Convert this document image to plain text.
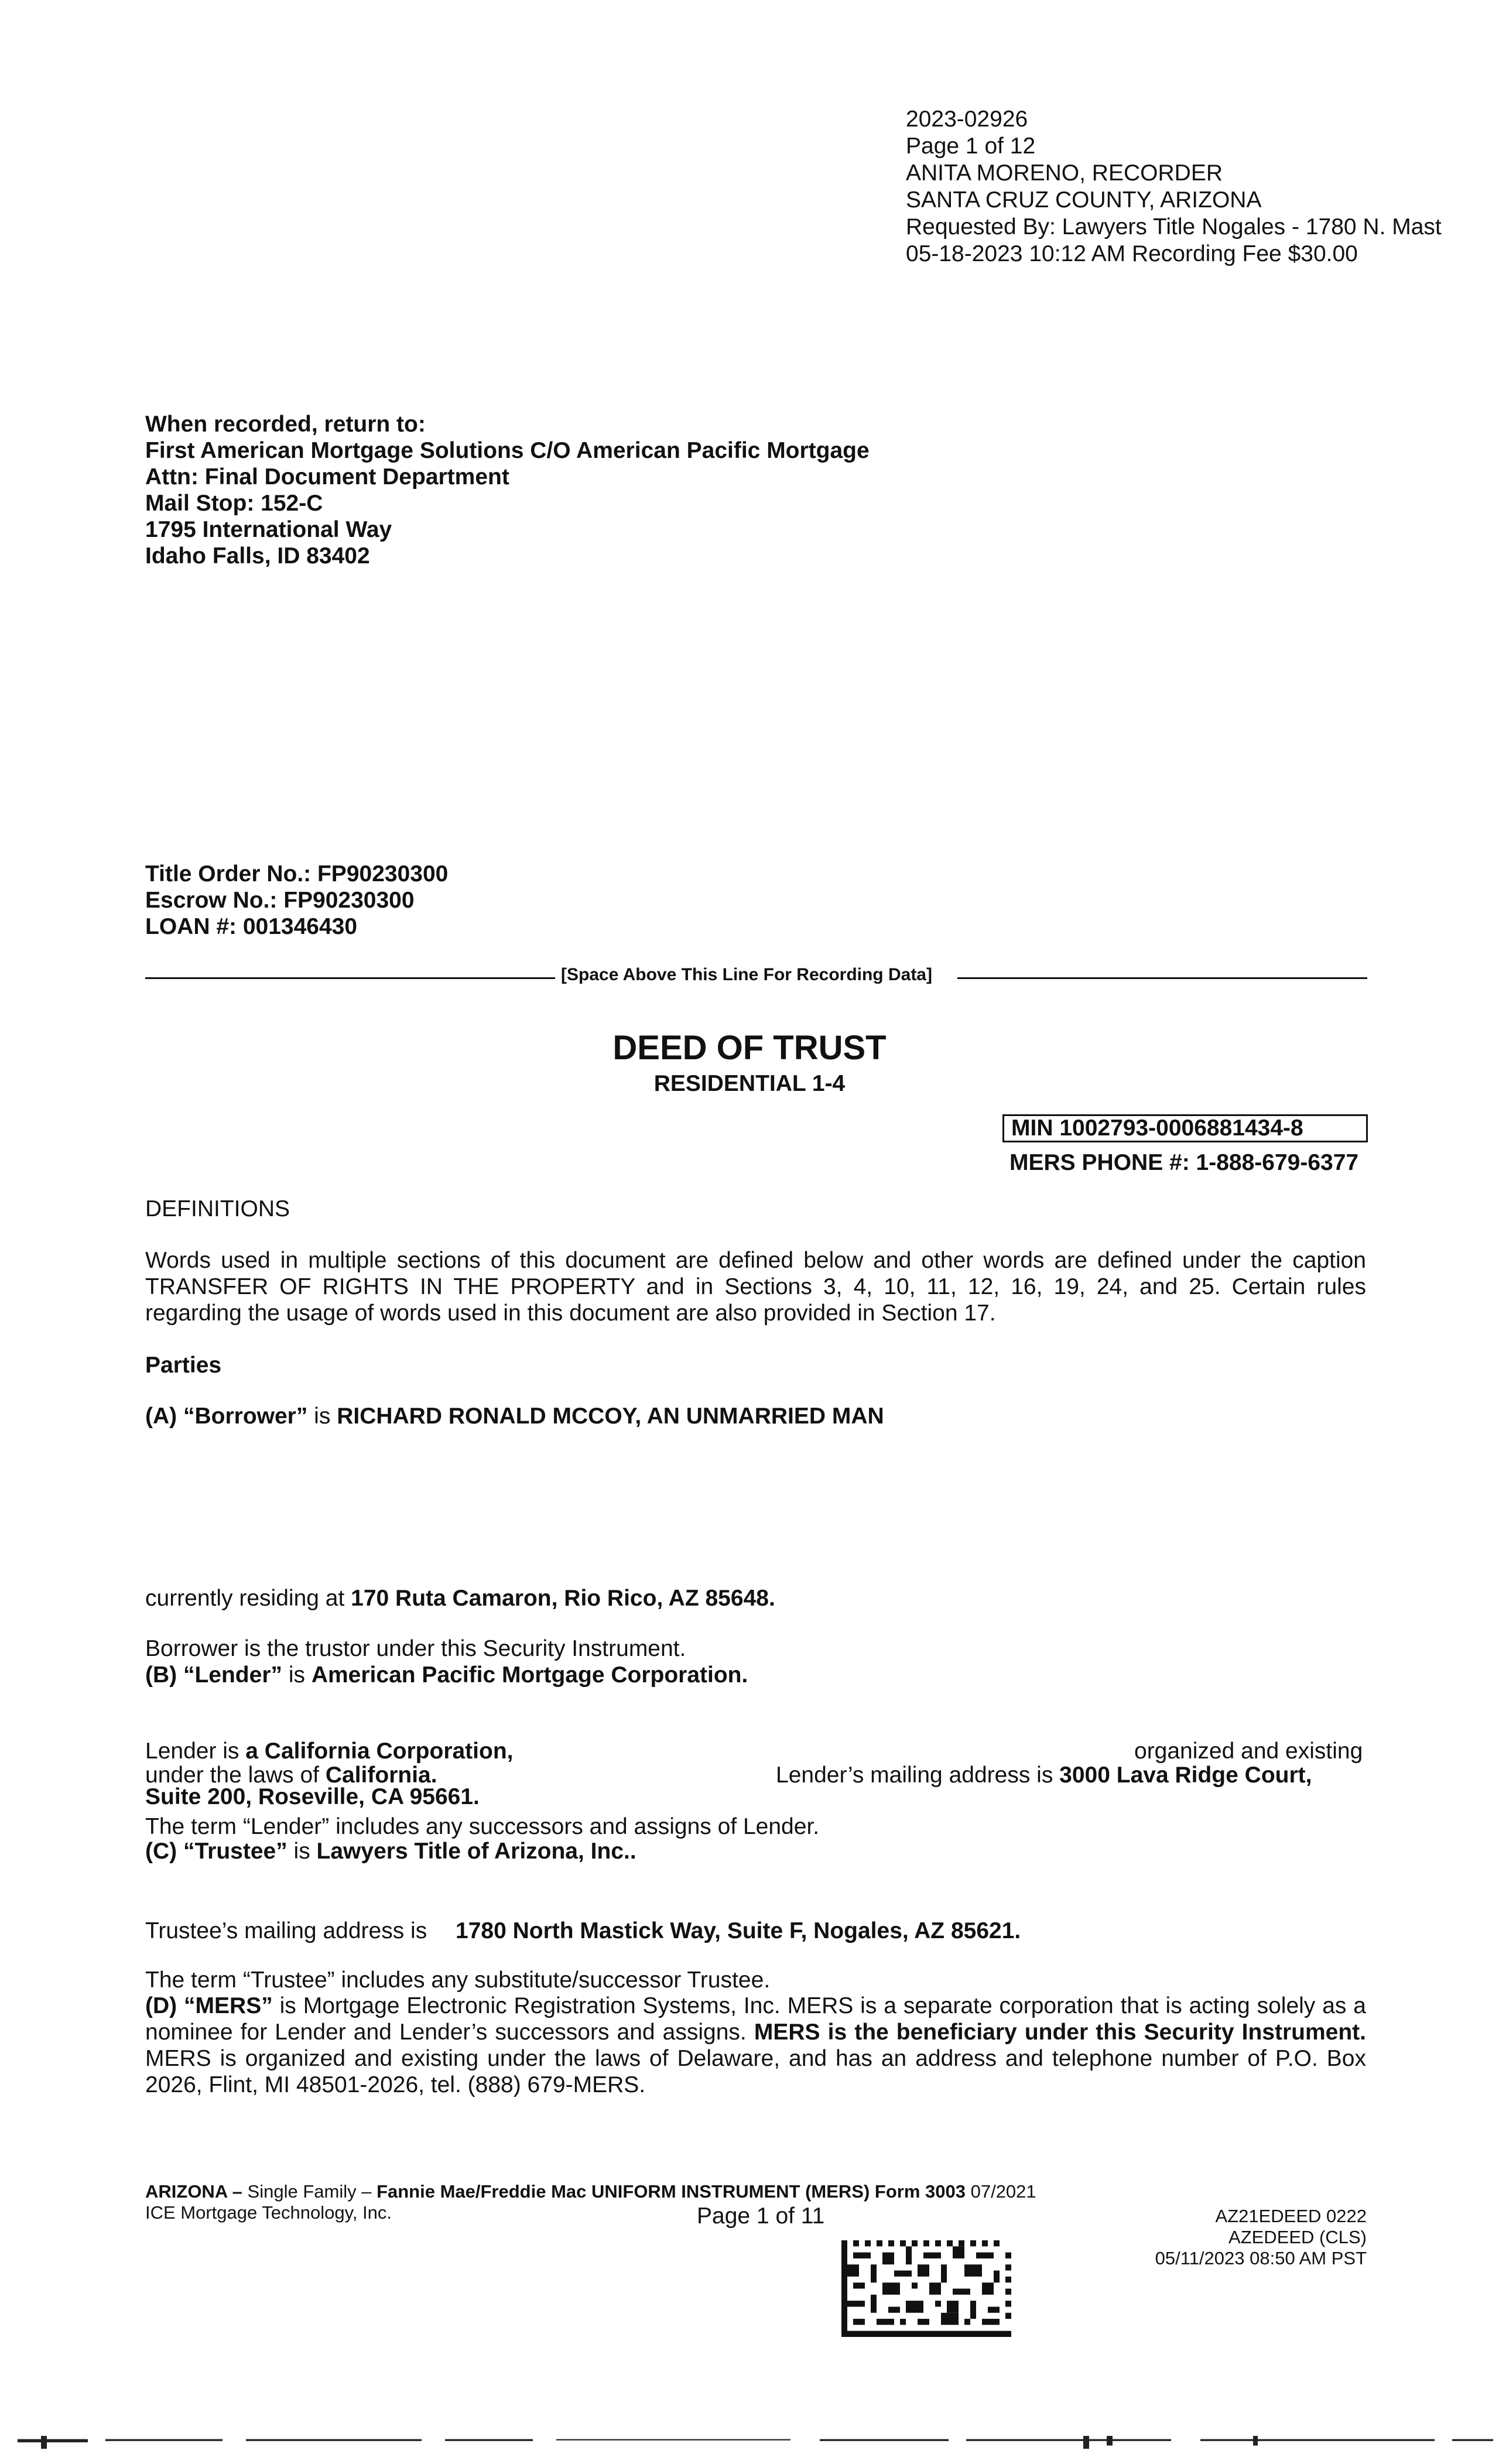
2023-02926
Page 1 of 12
ANITA MORENO, RECORDER
SANTA CRUZ COUNTY, ARIZONA
Requested By: Lawyers Title Nogales - 1780 N. Mast
05-18-2023 10:12 AM Recording Fee $30.00
When recorded, return to:
First American Mortgage Solutions C/O American Pacific Mortgage
Attn: Final Document Department
Mail Stop: 152-C
1795 International Way
Idaho Falls, ID 83402
Title Order No.: FP90230300
Escrow No.: FP90230300
LOAN #: 001346430
[Space Above This Line For Recording Data]
DEED OF TRUST
RESIDENTIAL 1-4
MIN 1002793-0006881434-8
MERS PHONE #: 1-888-679-6377
DEFINITIONS
Words used in multiple sections of this document are defined below and other words are defined under the caption TRANSFER OF RIGHTS IN THE PROPERTY and in Sections 3, 4, 10, 11, 12, 16, 19, 24, and 25. Certain rules regarding the usage of words used in this document are also provided in Section 17.
Parties
(A) “Borrower” is RICHARD RONALD MCCOY, AN UNMARRIED MAN
currently residing at 170 Ruta Camaron, Rio Rico, AZ 85648.
Borrower is the trustor under this Security Instrument.
(B) “Lender” is American Pacific Mortgage Corporation.
Lender is a California Corporation,	organized and existing
under the laws of California.	Lender’s mailing address is 3000 Lava Ridge Court,
Suite 200, Roseville, CA 95661.
The term “Lender” includes any successors and assigns of Lender.
(C) “Trustee” is Lawyers Title of Arizona, Inc..
Trustee’s mailing address is 1780 North Mastick Way, Suite F, Nogales, AZ 85621.
The term “Trustee” includes any substitute/successor Trustee.
(D) “MERS” is Mortgage Electronic Registration Systems, Inc. MERS is a separate corporation that is acting solely as a nominee for Lender and Lender’s successors and assigns. MERS is the beneficiary under this Security Instrument. MERS is organized and existing under the laws of Delaware, and has an address and telephone number of P.O. Box 2026, Flint, MI 48501-2026, tel. (888) 679-MERS.
ARIZONA – Single Family – Fannie Mae/Freddie Mac UNIFORM INSTRUMENT (MERS) Form 3003 07/2021
ICE Mortgage Technology, Inc.	Page 1 of 11	AZ21EDEED 0222
AZEDEED (CLS)
05/11/2023 08:50 AM PST
